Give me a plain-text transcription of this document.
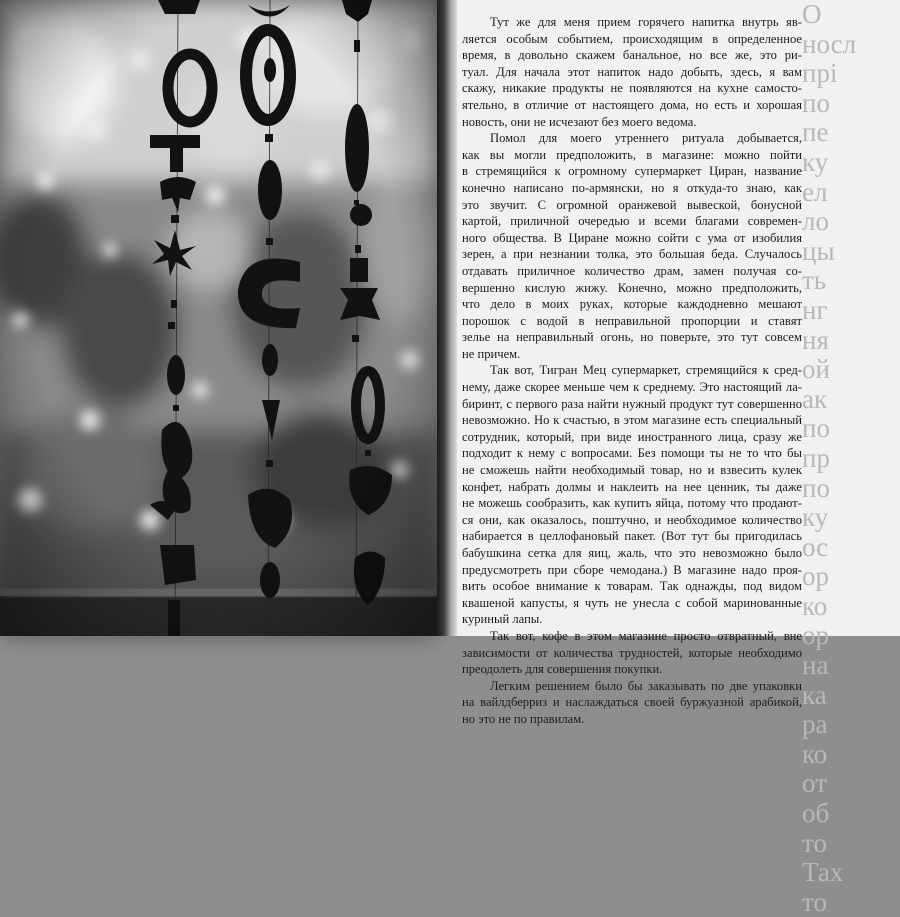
О
носл
прі
по
пе
ку
ел
ло
цы
ть
нг
ня
ой
ак
по
пр
по
ку
ос
ор
ко
ор
на
ка
ра
ко
от
об
то
Тах
то
Тут же для меня прием горячего напитка внутрь яв-
ляется особым событием, происходящим в определенное
время, в довольно скажем банальное, но все же, это ри-
туал. Для начала этот напиток надо добыть, здесь, я вам
скажу, никакие продукты не появляются на кухне самосто-
ятельно, в отличие от настоящего дома, но есть и хорошая
новость, они не исчезают без моего ведома.
Помол для моего утреннего ритуала добывается,
как вы могли предположить, в магазине: можно пойти
в стремящийся к огромному супермаркет Циран, название
конечно написано по-армянски, но я откуда-то знаю, как
это звучит. С огромной оранжевой вывеской, бонусной
картой, приличной очередью и всеми благами современ-
ного общества. В Циране можно сойти с ума от изобилия
зерен, а при незнании толка, это большая беда. Случалось
отдавать приличное количество драм, замен получая со-
вершенно кислую жижу. Конечно, можно предположить,
что дело в моих руках, которые каждодневно мешают
порошок с водой в неправильной пропорции и ставят
зелье на неправильный огонь, но поверьте, это тут совсем
не причем.
Так вот, Тигран Мец супермаркет, стремящийся к сред-
нему, даже скорее меньше чем к среднему. Это настоящий ла-
биринт, с первого раза найти нужный продукт тут совершенно
невозможно. Но к счастью, в этом магазине есть специальный
сотрудник, который, при виде иностранного лица, сразу же
подходит к нему с вопросами. Без помощи ты не то что бы
не сможешь найти необходимый товар, но и взвесить кулек
конфет, набрать долмы и наклеить на нее ценник, ты даже
не можешь сообразить, как купить яйца, потому что продают-
ся они, как оказалось, поштучно, и необходимое количество
набирается в целлофановый пакет. (Вот тут бы пригодилась
бабушкина сетка для яиц, жаль, что это невозможно было
предусмотреть при сборе чемодана.) В магазине надо проя-
вить особое внимание к товарам. Так однажды, под видом
квашеной капусты, я чуть не унесла с собой маринованные
куриный лапы.
Так вот, кофе в этом магазине просто отвратный, вне
зависимости от количества трудностей, которые необходимо
преодолеть для совершения покупки.
Легким решением было бы заказывать по две упаковки
на вайлдберриз и наслаждаться своей буржуазной арабикой,
но это не по правилам.
